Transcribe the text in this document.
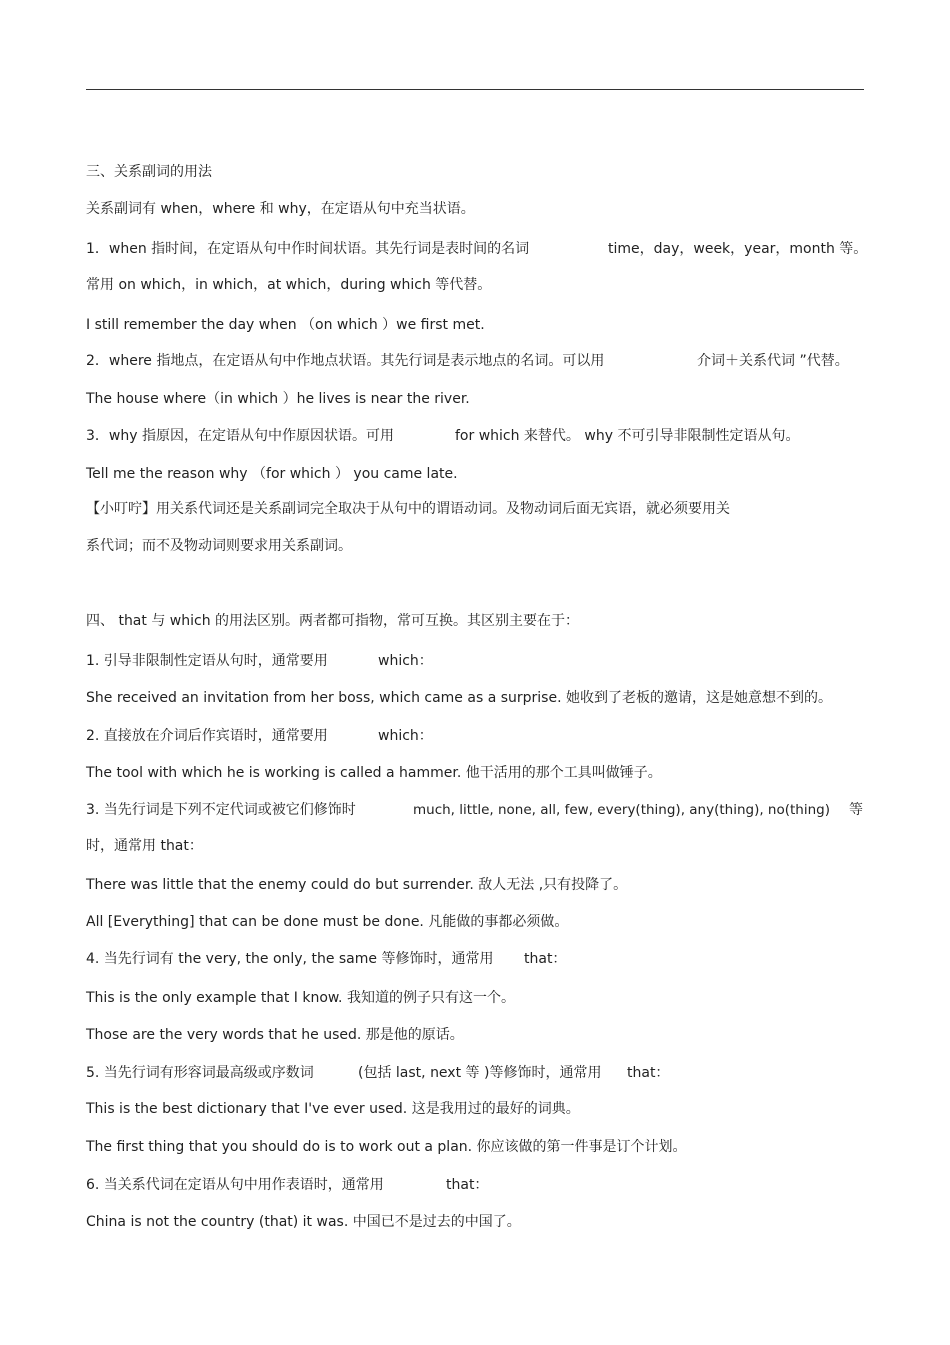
三、关系副词的用法

关系副词有 when，where 和 why，在定语从句中充当状语。

1．when 指时间，在定语从句中作时间状语。其先行词是表时间的名词	time，day，week，year，month 等。

常用 on which，in which，at which，during which 等代替。

I still remember the day when （on which ）we first met.

2．where 指地点，在定语从句中作地点状语。其先行词是表示地点的名词。可以用	介词＋关系代词 ”代替。

The house where（in which ）he lives is near the river.

3．why 指原因，在定语从句中作原因状语。可用	for which 来替代。 why 不可引导非限制性定语从句。

Tell me the reason why （for which ） you came late.

【小叮咛】用关系代词还是关系副词完全取决于从句中的谓语动词。及物动词后面无宾语，就必须要用关

系代词；而不及物动词则要求用关系副词。

四、 that 与 which 的用法区别。两者都可指物，常可互换。其区别主要在于：

1. 引导非限制性定语从句时，通常要用	which：

She received an invitation from her boss, which came as a surprise. 她收到了老板的邀请，这是她意想不到的。

2. 直接放在介词后作宾语时，通常要用	which：

The tool with which he is working is called a hammer. 他干活用的那个工具叫做锤子。

3. 当先行词是下列不定代词或被它们修饰时	much, little, none, all, few, every(thing), any(thing), no(thing) 等

时，通常用 that：

There was little that the enemy could do but surrender. 敌人无法 ,只有投降了。

All [Everything] that can be done must be done. 凡能做的事都必须做。

4. 当先行词有 the very, the only, the same 等修饰时，通常用 that：

This is the only example that I know. 我知道的例子只有这一个。

Those are the very words that he used. 那是他的原话。

5. 当先行词有形容词最高级或序数词	(包括 last, next 等 )等修饰时，通常用 that：

This is the best dictionary that I've ever used. 这是我用过的最好的词典。

The first thing that you should do is to work out a plan. 你应该做的第一件事是订个计划。

6. 当关系代词在定语从句中用作表语时，通常用	that：

China is not the country (that) it was. 中国已不是过去的中国了。
